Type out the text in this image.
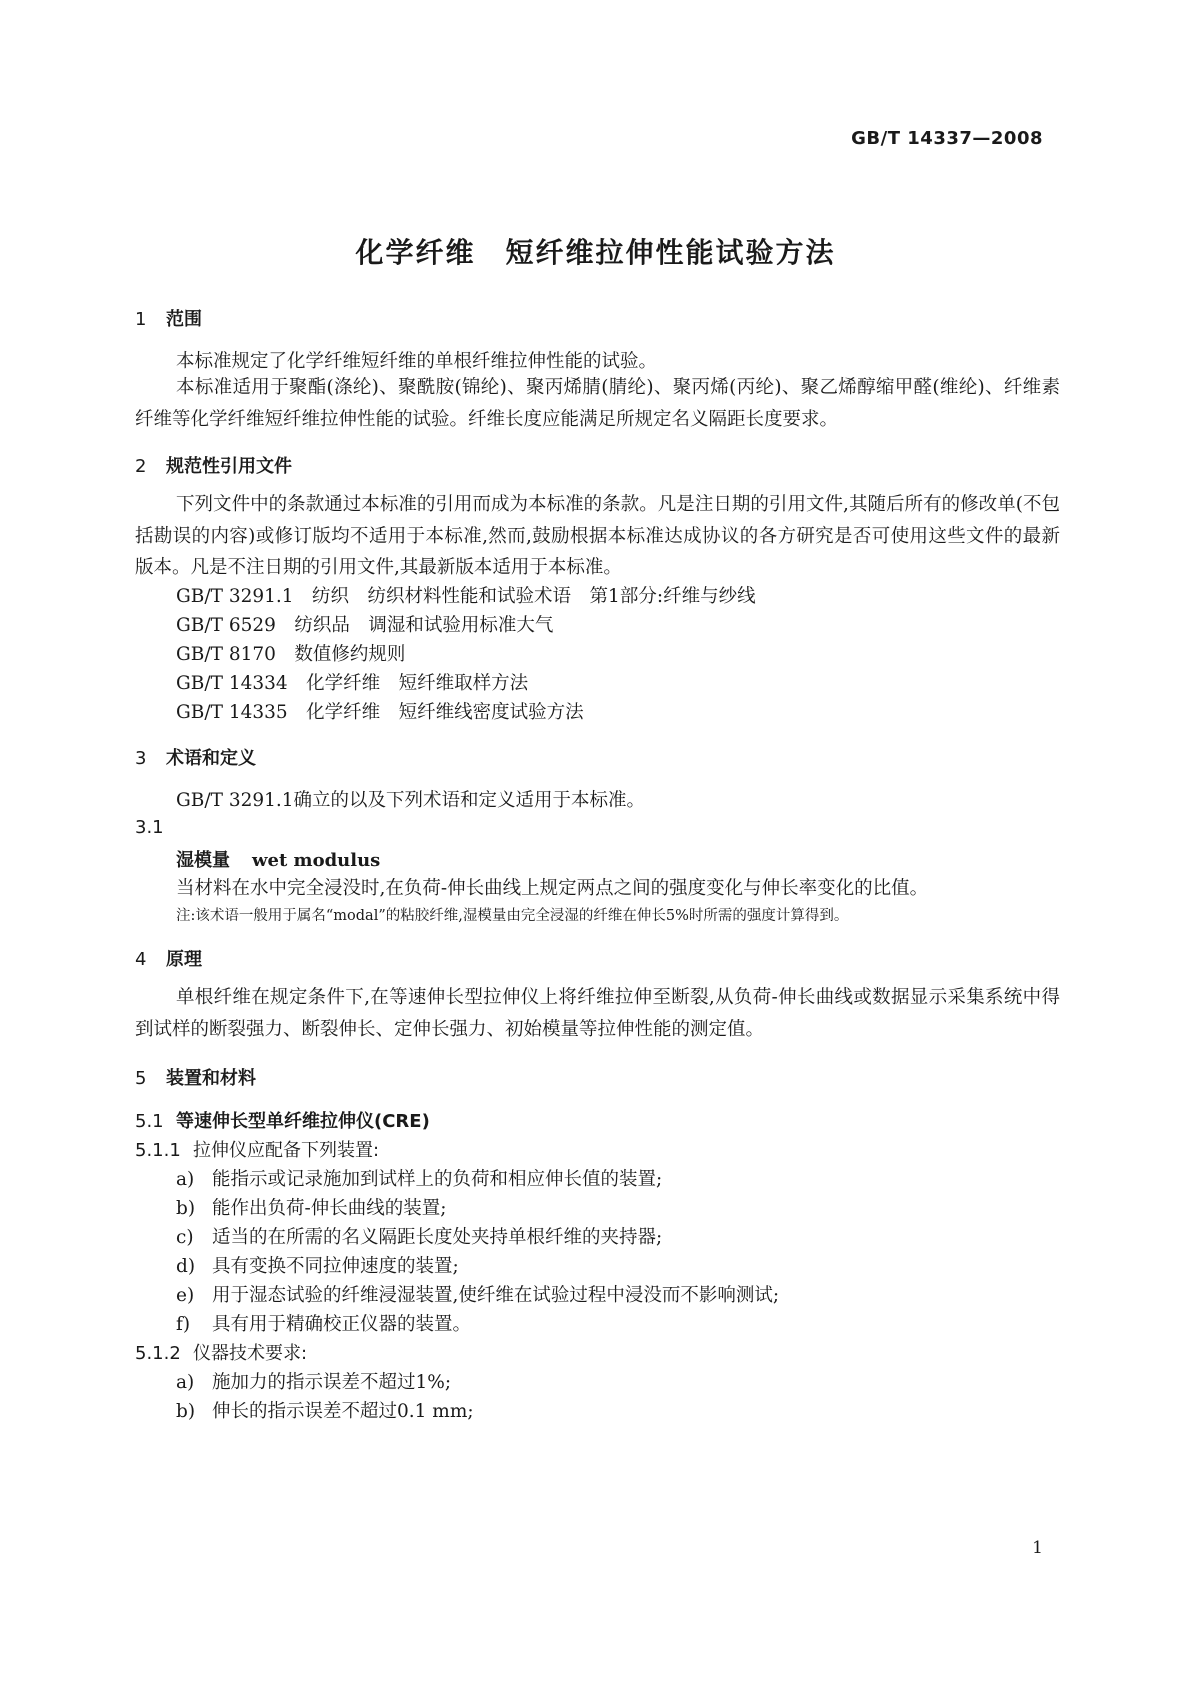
GB/T 14337—2008
化学纤维　短纤维拉伸性能试验方法
1 范围
本标准规定了化学纤维短纤维的单根纤维拉伸性能的试验。

本标准适用于聚酯(涤纶)、聚酰胺(锦纶)、聚丙烯腈(腈纶)、聚丙烯(丙纶)、聚乙烯醇缩甲醛(维纶)、纤维素纤维等化学纤维短纤维拉伸性能的试验。纤维长度应能满足所规定名义隔距长度要求。

2 规范性引用文件

下列文件中的条款通过本标准的引用而成为本标准的条款。凡是注日期的引用文件,其随后所有的修改单(不包括勘误的内容)或修订版均不适用于本标准,然而,鼓励根据本标准达成协议的各方研究是否可使用这些文件的最新版本。凡是不注日期的引用文件,其最新版本适用于本标准。

GB/T 3291.1　纺织　纺织材料性能和试验术语　第1部分:纤维与纱线
GB/T 6529　纺织品　调湿和试验用标准大气
GB/T 8170　数值修约规则
GB/T 14334　化学纤维　短纤维取样方法
GB/T 14335　化学纤维　短纤维线密度试验方法
3 术语和定义
GB/T 3291.1确立的以及下列术语和定义适用于本标准。
3.1
湿模量 wet modulus
当材料在水中完全浸没时,在负荷-伸长曲线上规定两点之间的强度变化与伸长率变化的比值。
注:该术语一般用于属名“modal”的粘胶纤维,湿模量由完全浸湿的纤维在伸长5%时所需的强度计算得到。
4 原理

单根纤维在规定条件下,在等速伸长型拉伸仪上将纤维拉伸至断裂,从负荷-伸长曲线或数据显示采集系统中得到试样的断裂强力、断裂伸长、定伸长强力、初始模量等拉伸性能的测定值。

5 装置和材料
5.1 等速伸长型单纤维拉伸仪(CRE)
5.1.1 拉伸仪应配备下列装置:
a) 能指示或记录施加到试样上的负荷和相应伸长值的装置;
b) 能作出负荷-伸长曲线的装置;
c) 适当的在所需的名义隔距长度处夹持单根纤维的夹持器;
d) 具有变换不同拉伸速度的装置;
e) 用于湿态试验的纤维浸湿装置,使纤维在试验过程中浸没而不影响测试;
f) 具有用于精确校正仪器的装置。
5.1.2 仪器技术要求:
a) 施加力的指示误差不超过1%;
b) 伸长的指示误差不超过0.1 mm;
1
